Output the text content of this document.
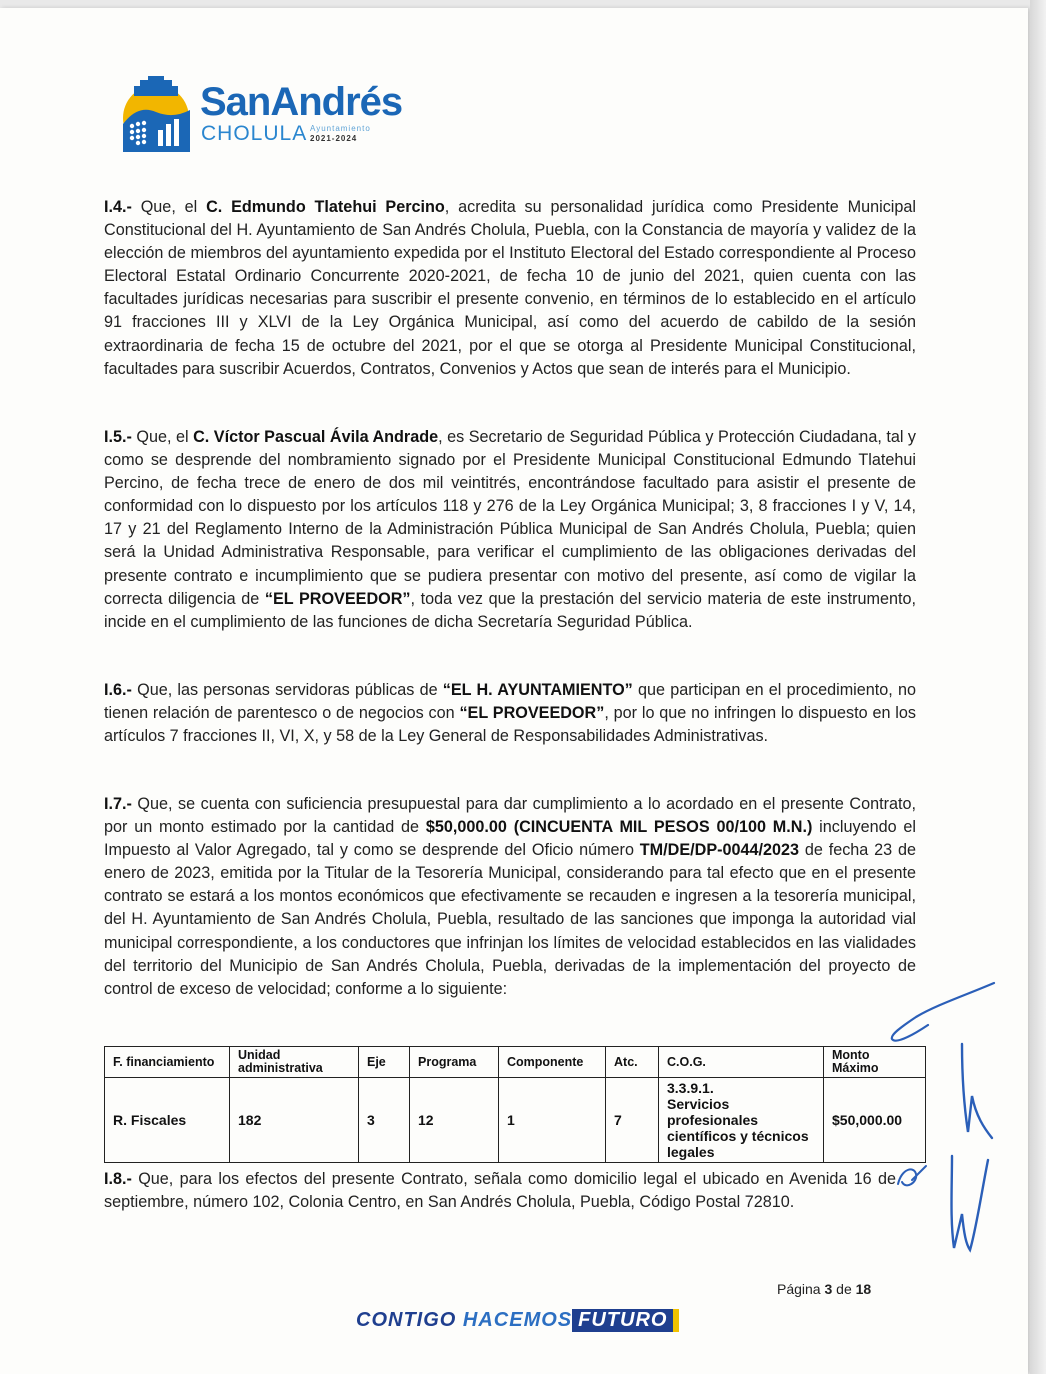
SanAndrés
CHOLULA Ayuntamiento
2021-2024

I.4.- Que, el C. Edmundo Tlatehui Percino, acredita su personalidad jurídica como Presidente Municipal Constitucional del H. Ayuntamiento de San Andrés Cholula, Puebla, con la Constancia de mayoría y validez de la elección de miembros del ayuntamiento expedida por el Instituto Electoral del Estado correspondiente al Proceso Electoral Estatal Ordinario Concurrente 2020-2021, de fecha 10 de junio del 2021, quien cuenta con las facultades jurídicas necesarias para suscribir el presente convenio, en términos de lo establecido en el artículo 91 fracciones III y XLVI de la Ley Orgánica Municipal, así como del acuerdo de cabildo de la sesión extraordinaria de fecha 15 de octubre del 2021, por el que se otorga al Presidente Municipal Constitucional, facultades para suscribir Acuerdos, Contratos, Convenios y Actos que sean de interés para el Municipio.

I.5.- Que, el C. Víctor Pascual Ávila Andrade, es Secretario de Seguridad Pública y Protección Ciudadana, tal y como se desprende del nombramiento signado por el Presidente Municipal Constitucional Edmundo Tlatehui Percino, de fecha trece de enero de dos mil veintitrés, encontrándose facultado para asistir el presente de conformidad con lo dispuesto por los artículos 118 y 276 de la Ley Orgánica Municipal; 3, 8 fracciones I y V, 14, 17 y 21 del Reglamento Interno de la Administración Pública Municipal de San Andrés Cholula, Puebla; quien será la Unidad Administrativa Responsable, para verificar el cumplimiento de las obligaciones derivadas del presente contrato e incumplimiento que se pudiera presentar con motivo del presente, así como de vigilar la correcta diligencia de “EL PROVEEDOR”, toda vez que la prestación del servicio materia de este instrumento, incide en el cumplimiento de las funciones de dicha Secretaría Seguridad Pública.

I.6.- Que, las personas servidoras públicas de “EL H. AYUNTAMIENTO” que participan en el procedimiento, no tienen relación de parentesco o de negocios con “EL PROVEEDOR”, por lo que no infringen lo dispuesto en los artículos 7 fracciones II, VI, X, y 58 de la Ley General de Responsabilidades Administrativas.

I.7.- Que, se cuenta con suficiencia presupuestal para dar cumplimiento a lo acordado en el presente Contrato, por un monto estimado por la cantidad de $50,000.00 (CINCUENTA MIL PESOS 00/100 M.N.) incluyendo el Impuesto al Valor Agregado, tal y como se desprende del Oficio número TM/DE/DP-0044/2023 de fecha 23 de enero de 2023, emitida por la Titular de la Tesorería Municipal, considerando para tal efecto que en el presente contrato se estará a los montos económicos que efectivamente se recauden e ingresen a la tesorería municipal, del H. Ayuntamiento de San Andrés Cholula, Puebla, resultado de las sanciones que imponga la autoridad vial municipal correspondiente, a los conductores que infrinjan los límites de velocidad establecidos en las vialidades del territorio del Municipio de San Andrés Cholula, Puebla, derivadas de la implementación del proyecto de control de exceso de velocidad; conforme a lo siguiente:

F. financiamiento	Unidad administrativa	Eje	Programa	Componente	Atc.	C.O.G.	Monto Máximo
R. Fiscales	182	3	12	1	7	3.3.9.1.
Servicios profesionales científicos y técnicos legales	$50,000.00

I.8.- Que, para los efectos del presente Contrato, señala como domicilio legal el ubicado en Avenida 16 de septiembre, número 102, Colonia Centro, en San Andrés Cholula, Puebla, Código Postal 72810.

Página 3 de 18
CONTIGO HACEMOS FUTURO
